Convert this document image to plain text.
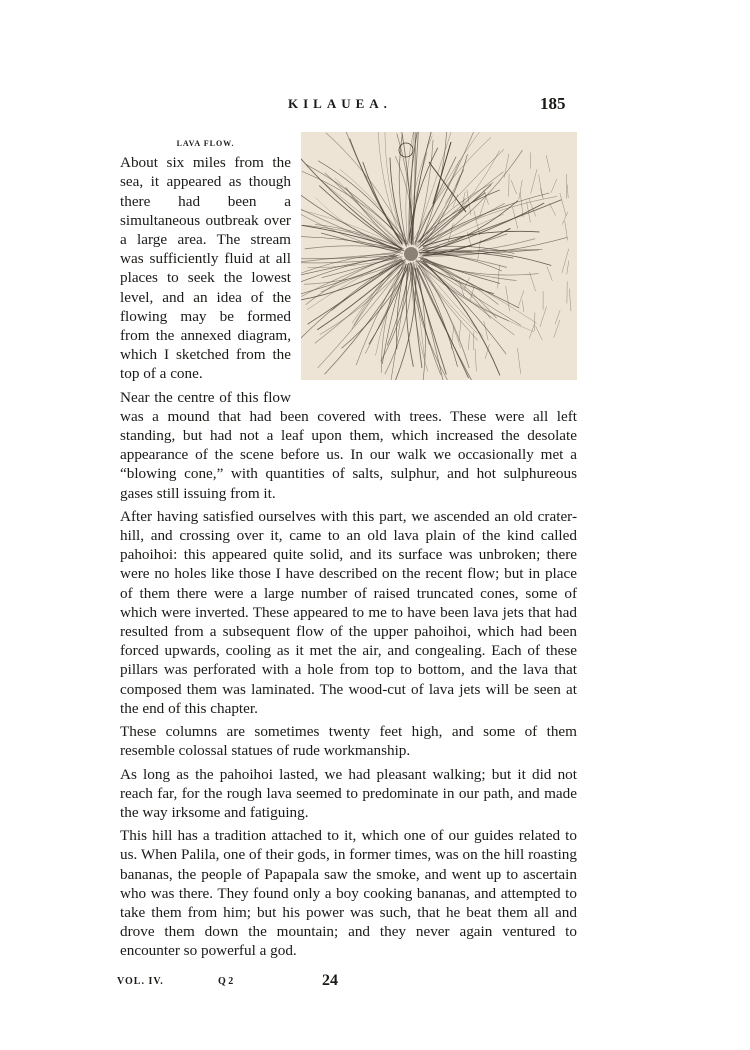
KILAUEA.	185

LAVA FLOW.
About six miles from the sea, it appeared as though there had been a simultaneous outbreak over a large area. The stream was sufficiently fluid at all places to seek the lowest level, and an idea of the flowing may be formed from the annexed diagram, which I sketched from the top of a cone.

Near the centre of this flow was a mound that had been covered with trees. These were all left standing, but had not a leaf upon them, which increased the desolate appearance of the scene before us. In our walk we occasionally met a “blowing cone,” with quantities of salts, sulphur, and hot sulphureous gases still issuing from it.

After having satisfied ourselves with this part, we ascended an old crater-hill, and crossing over it, came to an old lava plain of the kind called pahoihoi: this appeared quite solid, and its surface was unbroken; there were no holes like those I have described on the recent flow; but in place of them there were a large number of raised truncated cones, some of which were inverted. These appeared to me to have been lava jets that had resulted from a subsequent flow of the upper pahoihoi, which had been forced upwards, cooling as it met the air, and congealing. Each of these pillars was perforated with a hole from top to bottom, and the lava that composed them was laminated. The wood-cut of lava jets will be seen at the end of this chapter.

These columns are sometimes twenty feet high, and some of them resemble colossal statues of rude workmanship.

As long as the pahoihoi lasted, we had pleasant walking; but it did not reach far, for the rough lava seemed to predominate in our path, and made the way irksome and fatiguing.

This hill has a tradition attached to it, which one of our guides related to us. When Palila, one of their gods, in former times, was on the hill roasting bananas, the people of Papapala saw the smoke, and went up to ascertain who was there. They found only a boy cooking bananas, and attempted to take them from him; but his power was such, that he beat them all and drove them down the mountain; and they never again ventured to encounter so powerful a god.

VOL. IV.	Q 2	24
